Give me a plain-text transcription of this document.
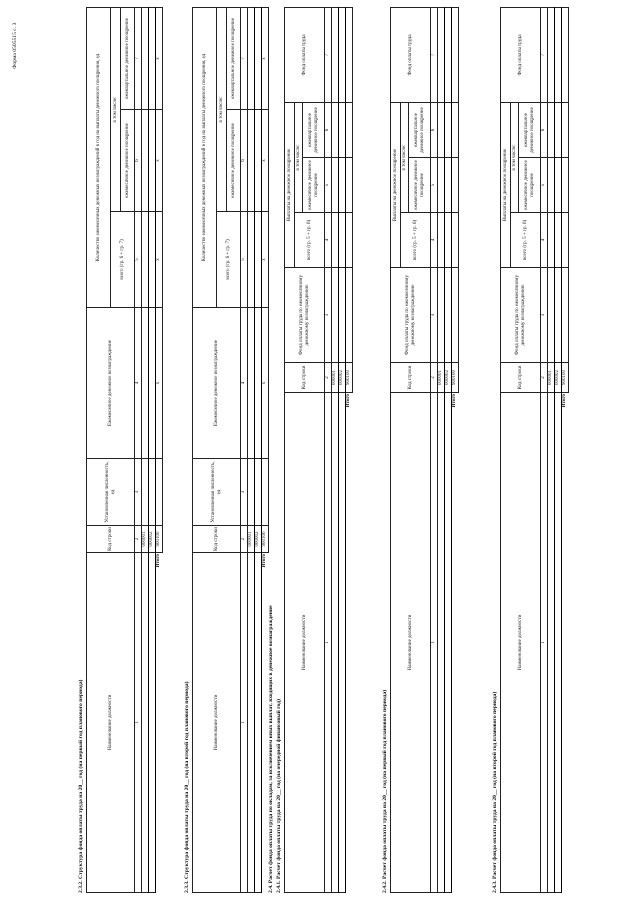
Форма 0505515 с. 3
2.3.2. Структура фонда оплаты труда на 20__ год (на первый год планового периода)	Наименование должности	Код строки	Установленная численность, ед	Ежемесячное денежное вознаграждение	Количество ежемесячных денежных вознаграждений в год на выплаты денежного поощрения, ед		
				всего (гр. 6 + гр. 7)	в том числе:	
					ежемесячное денежное поощрение	ежеквартальное денежное поощрение
1	2	3	4	5	6	7
	000001					
	000002					
Итого	900100		x	x	x	x
2.3.3. Структура фонда оплаты труда на 20__ год (на второй год планового периода)	Наименование должности	Код строки	Установленная численность, ед	Ежемесячное денежное вознаграждение	Количество ежемесячных денежных вознаграждений в год на выплаты денежного поощрения, ед		
				всего (гр. 6 + гр. 7)	в том числе:	
					ежемесячное денежное поощрение	ежеквартальное денежное поощрение
1	2	3	4	5	6	7
	000001					
	000002					
Итого	900100		x	x	x	x
2.4. Расчет фонда оплаты труда по окладам, за исключением иных выплат, входящих в денежное вознаграждение 2.4.1. Расчет фонда оплаты труда на 20__ год (на очередной финансовый год)
Наименование должности	Код строки	Фонд оплаты труда по ежемесячному денежному вознаграждению	Выплаты на денежное поощрение			Фонд оплаты труда
			всего (гр. 5 + гр. 6)	в том числе:		
				ежемесячное денежное поощрение	ежеквартальное денежное поощрение	
1	2	3	4	5	6	7
	000001					
	000002					
Итого	900100					
2.4.2. Расчет фонда оплаты труда на 20__ год (на первый год планового периода)
Наименование должности	Код строки	Фонд оплаты труда по ежемесячному денежному вознаграждению	Выплаты на денежное поощрение			Фонд оплаты труда
			всего (гр. 5 + гр. 6)	в том числе:		
				ежемесячное денежное поощрение	ежеквартальное денежное поощрение	
1	2	3	4	5	6	7
	000001					
	000002					
Итого	900100					
2.4.3. Расчет фонда оплаты труда на 20__ год (на второй год планового периода)
Наименование должности	Код строки	Фонд оплаты труда по ежемесячному денежному вознаграждению	Выплаты на денежное поощрение			Фонд оплаты труда
			всего (гр. 5 + гр. 6)	в том числе:		
				ежемесячное денежное поощрение	ежеквартальное денежное поощрение	
1	2	3	4	5	6	7
	000001					
	000002					
Итого	900100					
